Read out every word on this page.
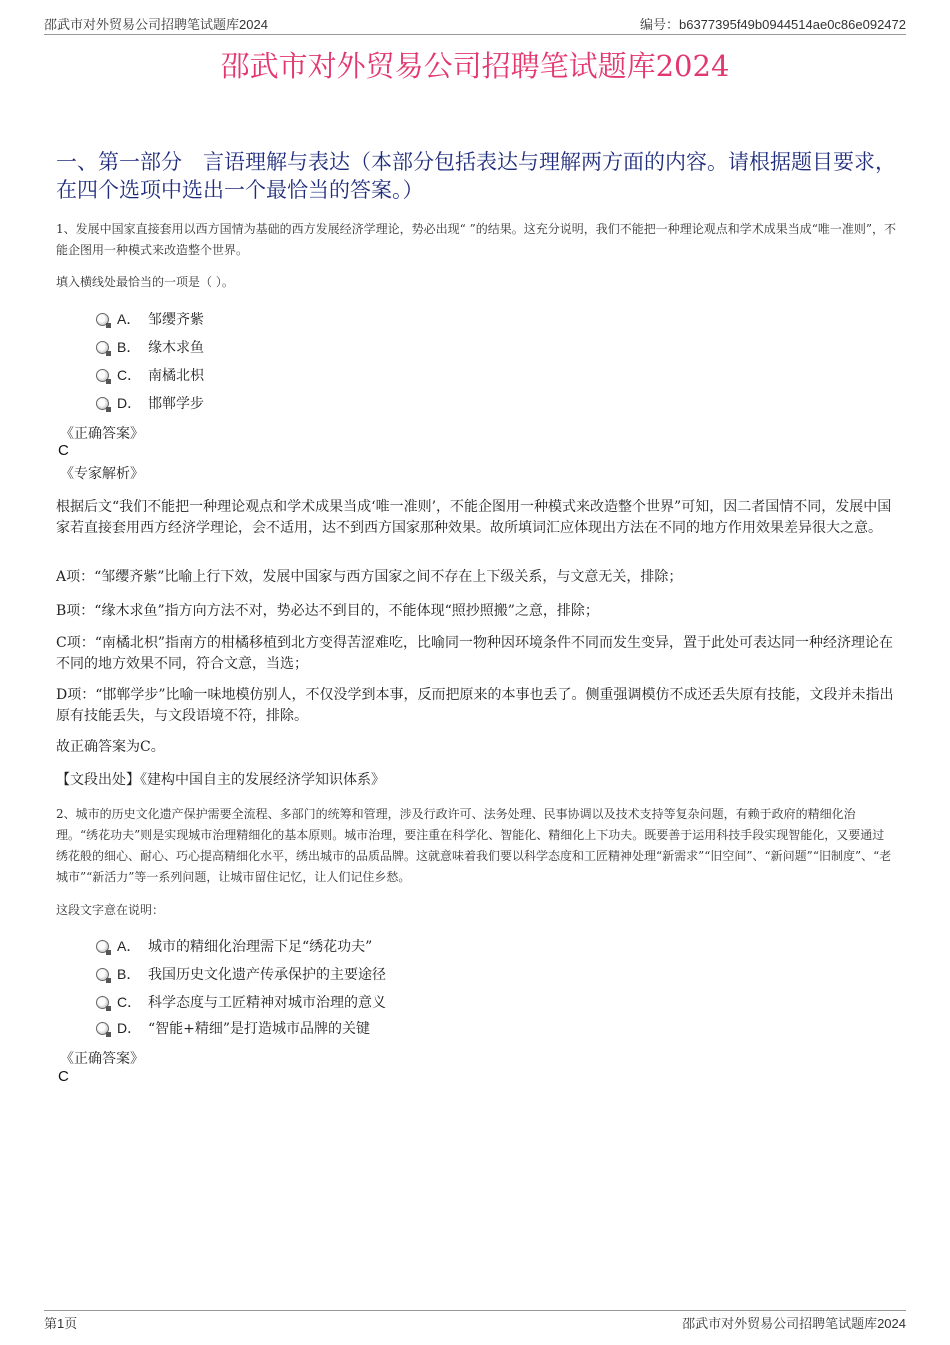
邵武市对外贸易公司招聘笔试题库2024	编号：b6377395f49b0944514ae0c86e092472
邵武市对外贸易公司招聘笔试题库2024
一、第一部分　言语理解与表达（本部分包括表达与理解两方面的内容。请根据题目要求，在四个选项中选出一个最恰当的答案。）
1、发展中国家直接套用以西方国情为基础的西方发展经济学理论，势必出现“ ”的结果。这充分说明，我们不能把一种理论观点和学术成果当成“唯一准则”，不能企图用一种模式来改造整个世界。
填入横线处最恰当的一项是（ ）。
A． 邹缨齐紫
B． 缘木求鱼
C． 南橘北枳
D． 邯郸学步
《正确答案》
C
《专家解析》
根据后文“我们不能把一种理论观点和学术成果当成‘唯一准则’，不能企图用一种模式来改造整个世界”可知，因二者国情不同，发展中国家若直接套用西方经济学理论，会不适用，达不到西方国家那种效果。故所填词汇应体现出方法在不同的地方作用效果差异很大之意。
A项：“邹缨齐紫”比喻上行下效，发展中国家与西方国家之间不存在上下级关系，与文意无关，排除；
B项：“缘木求鱼”指方向方法不对，势必达不到目的，不能体现“照抄照搬”之意，排除；
C项：“南橘北枳”指南方的柑橘移植到北方变得苦涩难吃，比喻同一物种因环境条件不同而发生变异，置于此处可表达同一种经济理论在不同的地方效果不同，符合文意，当选；
D项：“邯郸学步”比喻一味地模仿别人，不仅没学到本事，反而把原来的本事也丢了。侧重强调模仿不成还丢失原有技能，文段并未指出原有技能丢失，与文段语境不符，排除。
故正确答案为C。
【文段出处】《建构中国自主的发展经济学知识体系》
2、城市的历史文化遗产保护需要全流程、多部门的统筹和管理，涉及行政许可、法务处理、民事协调以及技术支持等复杂问题，有赖于政府的精细化治理。“绣花功夫”则是实现城市治理精细化的基本原则。城市治理，要注重在科学化、智能化、精细化上下功夫。既要善于运用科技手段实现智能化，又要通过绣花般的细心、耐心、巧心提高精细化水平，绣出城市的品质品牌。这就意味着我们要以科学态度和工匠精神处理“新需求”“旧空间”、“新问题”“旧制度”、“老城市”“新活力”等一系列问题，让城市留住记忆，让人们记住乡愁。
这段文字意在说明：
A． 城市的精细化治理需下足“绣花功夫”
B． 我国历史文化遗产传承保护的主要途径
C． 科学态度与工匠精神对城市治理的意义
D． “智能+精细”是打造城市品牌的关键
《正确答案》
C
第1页	邵武市对外贸易公司招聘笔试题库2024
